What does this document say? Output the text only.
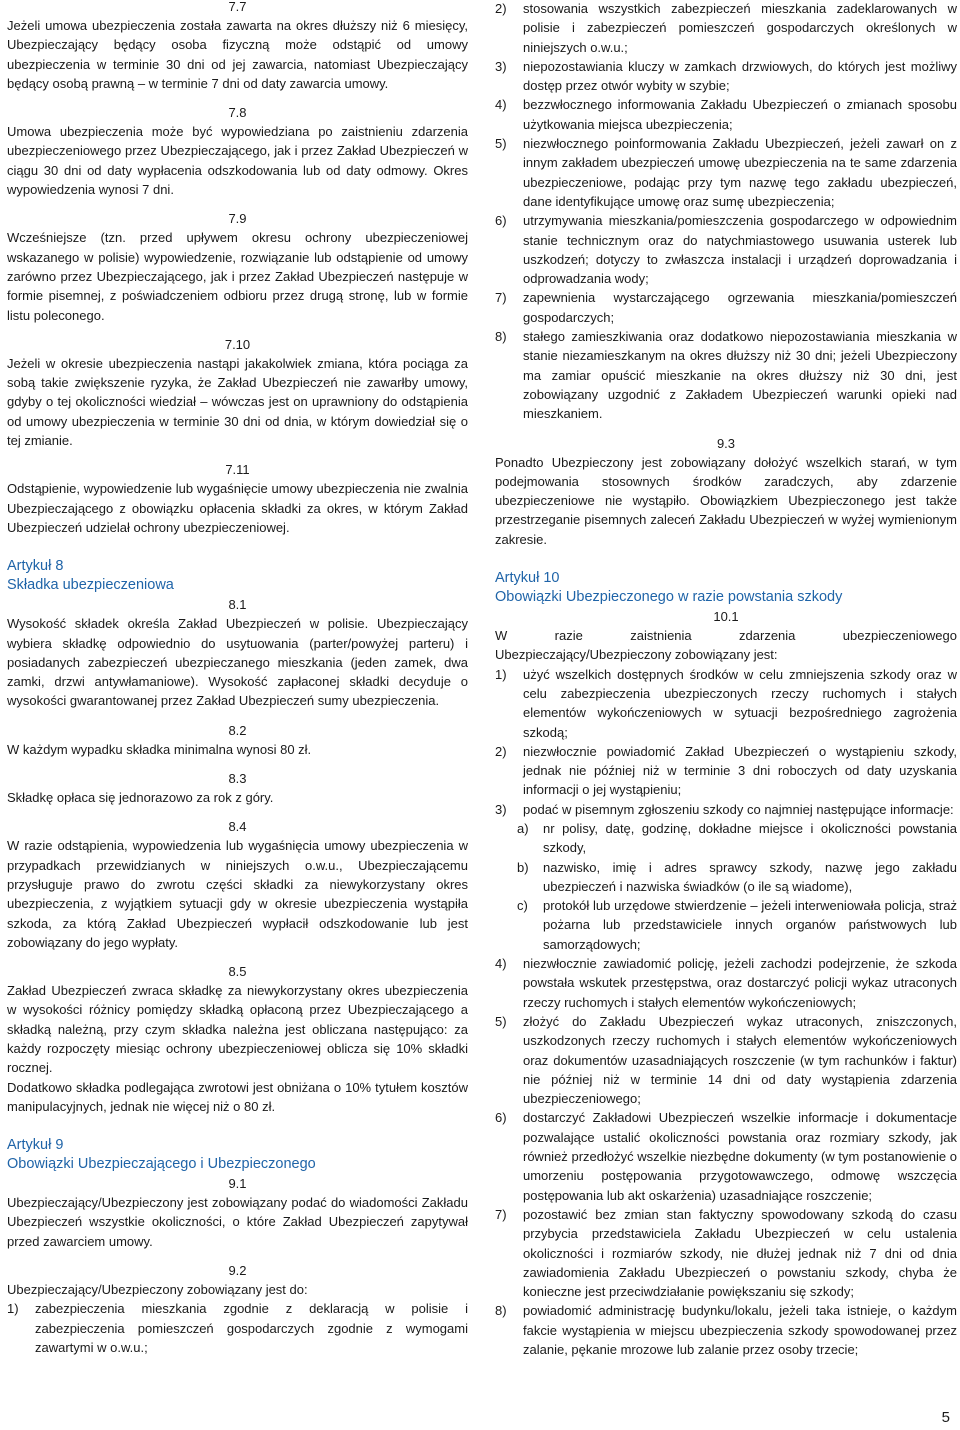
7.7

Jeżeli umowa ubezpieczenia została zawarta na okres dłuższy niż 6 miesięcy, Ubezpieczający będący osoba fizyczną może odstąpić od umowy ubezpieczenia w terminie 30 dni od jej zawarcia, natomiast Ubezpieczający będący osobą prawną – w terminie 7 dni od daty zawarcia umowy.

7.8

Umowa ubezpieczenia może być wypowiedziana po zaistnieniu zdarzenia ubezpieczeniowego przez Ubezpieczającego, jak i przez Zakład Ubezpieczeń w ciągu 30 dni od daty wypłacenia odszkodowania lub od daty odmowy. Okres wypowiedzenia wynosi 7 dni.

7.9

Wcześniejsze (tzn. przed upływem okresu ochrony ubezpieczeniowej wskazanego w polisie) wypowiedzenie, rozwiązanie lub odstąpienie od umowy zarówno przez Ubezpieczającego, jak i przez Zakład Ubezpieczeń następuje w formie pisemnej, z poświadczeniem odbioru przez drugą stronę, lub w formie listu poleconego.

7.10

Jeżeli w okresie ubezpieczenia nastąpi jakakolwiek zmiana, która pociąga za sobą takie zwiększenie ryzyka, że Zakład Ubezpieczeń nie zawarłby umowy, gdyby o tej okoliczności wiedział – wówczas jest on uprawniony do odstąpienia od umowy ubezpieczenia w terminie 30 dni od dnia, w którym dowiedział się o tej zmianie.

7.11

Odstąpienie, wypowiedzenie lub wygaśnięcie umowy ubezpieczenia nie zwalnia Ubezpieczającego z obowiązku opłacenia składki za okres, w którym Zakład Ubezpieczeń udzielał ochrony ubezpieczeniowej.

Artykuł 8

Składka ubezpieczeniowa

8.1

Wysokość składek określa Zakład Ubezpieczeń w polisie. Ubezpieczający wybiera składkę odpowiednio do usytuowania (parter/powyżej parteru) i posiadanych zabezpieczeń ubezpieczanego mieszkania (jeden zamek, dwa zamki, drzwi antywłamaniowe). Wysokość zapłaconej składki decyduje o wysokości gwarantowanej przez Zakład Ubezpieczeń sumy ubezpieczenia.

8.2

W każdym wypadku składka minimalna wynosi 80 zł.

8.3

Składkę opłaca się jednorazowo za rok z góry.

8.4

W razie odstąpienia, wypowiedzenia lub wygaśnięcia umowy ubezpieczenia w przypadkach przewidzianych w niniejszych o.w.u., Ubezpieczającemu przysługuje prawo do zwrotu części składki za niewykorzystany okres ubezpieczenia, z wyjątkiem sytuacji gdy w okresie ubezpieczenia wystąpiła szkoda, za którą Zakład Ubezpieczeń wypłacił odszkodowanie lub jest zobowiązany do jego wypłaty.

8.5

Zakład Ubezpieczeń zwraca składkę za niewykorzystany okres ubezpieczenia w wysokości różnicy pomiędzy składką opłaconą przez Ubezpieczającego a składką należną, przy czym składka należna jest obliczana następująco: za każdy rozpoczęty miesiąc ochrony ubezpieczeniowej oblicza się 10% składki rocznej.

Dodatkowo składka podlegająca zwrotowi jest obniżana o 10% tytułem kosztów manipulacyjnych, jednak nie więcej niż o 80 zł.

Artykuł 9

Obowiązki Ubezpieczającego i Ubezpieczonego

9.1

Ubezpieczający/Ubezpieczony jest zobowiązany podać do wiadomości Zakładu Ubezpieczeń wszystkie okoliczności, o które Zakład Ubezpieczeń zapytywał przed zawarciem umowy.

9.2

Ubezpieczający/Ubezpieczony zobowiązany jest do:

1) zabezpieczenia mieszkania zgodnie z deklaracją w polisie i zabezpieczenia pomieszczeń gospodarczych zgodnie z wymogami zawartymi w o.w.u.;
2) stosowania wszystkich zabezpieczeń mieszkania zadeklarowanych w polisie i zabezpieczeń pomieszczeń gospodarczych określonych w niniejszych o.w.u.;
3) niepozostawiania kluczy w zamkach drzwiowych, do których jest możliwy dostęp przez otwór wybity w szybie;
4) bezzwłocznego informowania Zakładu Ubezpieczeń o zmianach sposobu użytkowania miejsca ubezpieczenia;
5) niezwłocznego poinformowania Zakładu Ubezpieczeń, jeżeli zawarł on z innym zakładem ubezpieczeń umowę ubezpieczenia na te same zdarzenia ubezpieczeniowe, podając przy tym nazwę tego zakładu ubezpieczeń, dane identyfikujące umowę oraz sumę ubezpieczenia;
6) utrzymywania mieszkania/pomieszczenia gospodarczego w odpowiednim stanie technicznym oraz do natychmiastowego usuwania usterek lub uszkodzeń; dotyczy to zwłaszcza instalacji i urządzeń doprowadzania i odprowadzania wody;
7) zapewnienia wystarczającego ogrzewania mieszkania/pomieszczeń gospodarczych;
8) stałego zamieszkiwania oraz dodatkowo niepozostawiania mieszkania w stanie niezamieszkanym na okres dłuższy niż 30 dni; jeżeli Ubezpieczony ma zamiar opuścić mieszkanie na okres dłuższy niż 30 dni, jest zobowiązany uzgodnić z Zakładem Ubezpieczeń warunki opieki nad mieszkaniem.

9.3

Ponadto Ubezpieczony jest zobowiązany dołożyć wszelkich starań, w tym podejmowania stosownych środków zaradczych, aby zdarzenie ubezpieczeniowe nie wystąpiło. Obowiązkiem Ubezpieczonego jest także przestrzeganie pisemnych zaleceń Zakładu Ubezpieczeń w wyżej wymienionym zakresie.

Artykuł 10

Obowiązki Ubezpieczonego w razie powstania szkody

10.1

W razie zaistnienia zdarzenia ubezpieczeniowego Ubezpieczający/Ubezpieczony zobowiązany jest:

1) użyć wszelkich dostępnych środków w celu zmniejszenia szkody oraz w celu zabezpieczenia ubezpieczonych rzeczy ruchomych i stałych elementów wykończeniowych w sytuacji bezpośredniego zagrożenia szkodą;
2) niezwłocznie powiadomić Zakład Ubezpieczeń o wystąpieniu szkody, jednak nie później niż w terminie 3 dni roboczych od daty uzyskania informacji o jej wystąpieniu;
3) podać w pisemnym zgłoszeniu szkody co najmniej następujące informacje:
a) nr polisy, datę, godzinę, dokładne miejsce i okoliczności powstania szkody,
b) nazwisko, imię i adres sprawcy szkody, nazwę jego zakładu ubezpieczeń i nazwiska świadków (o ile są wiadome),
c) protokół lub urzędowe stwierdzenie – jeżeli interweniowała policja, straż pożarna lub przedstawiciele innych organów państwowych lub samorządowych;
4) niezwłocznie zawiadomić policję, jeżeli zachodzi podejrzenie, że szkoda powstała wskutek przestępstwa, oraz dostarczyć policji wykaz utraconych rzeczy ruchomych i stałych elementów wykończeniowych;
5) złożyć do Zakładu Ubezpieczeń wykaz utraconych, zniszczonych, uszkodzonych rzeczy ruchomych i stałych elementów wykończeniowych oraz dokumentów uzasadniających roszczenie (w tym rachunków i faktur) nie później niż w terminie 14 dni od daty wystąpienia zdarzenia ubezpieczeniowego;
6) dostarczyć Zakładowi Ubezpieczeń wszelkie informacje i dokumentacje pozwalające ustalić okoliczności powstania oraz rozmiary szkody, jak również przedłożyć wszelkie niezbędne dokumenty (w tym postanowienie o umorzeniu postępowania przygotowawczego, odmowę wszczęcia postępowania lub akt oskarżenia) uzasadniające roszczenie;
7) pozostawić bez zmian stan faktyczny spowodowany szkodą do czasu przybycia przedstawiciela Zakładu Ubezpieczeń w celu ustalenia okoliczności i rozmiarów szkody, nie dłużej jednak niż 7 dni od dnia zawiadomienia Zakładu Ubezpieczeń o powstaniu szkody, chyba że konieczne jest przeciwdziałanie powiększaniu się szkody;
8) powiadomić administrację budynku/lokalu, jeżeli taka istnieje, o każdym fakcie wystąpienia w miejscu ubezpieczenia szkody spowodowanej przez zalanie, pękanie mrozowe lub zalanie przez osoby trzecie;
5
